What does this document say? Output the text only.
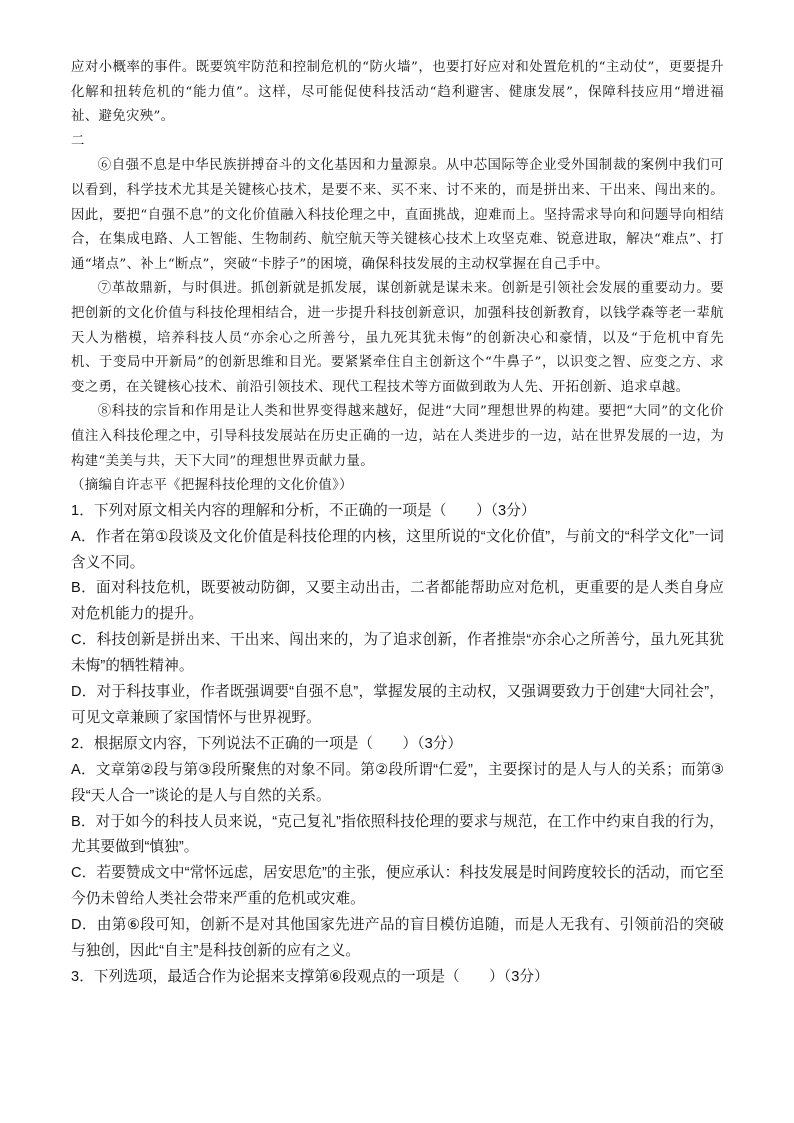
应对小概率的事件。既要筑牢防范和控制危机的“防火墙”，也要打好应对和处置危机的“主动仗”，更要提升化解和扭转危机的“能力值”。这样，尽可能促使科技活动“趋利避害、健康发展”，保障科技应用“增进福祉、避免灾殃”。

二

⑥自强不息是中华民族拼搏奋斗的文化基因和力量源泉。从中芯国际等企业受外国制裁的案例中我们可以看到，科学技术尤其是关键核心技术，是要不来、买不来、讨不来的，而是拼出来、干出来、闯出来的。因此，要把“自强不息”的文化价值融入科技伦理之中，直面挑战，迎难而上。坚持需求导向和问题导向相结合，在集成电路、人工智能、生物制药、航空航天等关键核心技术上攻坚克难、锐意进取，解决“难点”、打通“堵点”、补上“断点”，突破“卡脖子”的困境，确保科技发展的主动权掌握在自己手中。

⑦革故鼎新，与时俱进。抓创新就是抓发展，谋创新就是谋未来。创新是引领社会发展的重要动力。要把创新的文化价值与科技伦理相结合，进一步提升科技创新意识，加强科技创新教育，以钱学森等老一辈航天人为楷模，培养科技人员“亦余心之所善兮，虽九死其犹未悔”的创新决心和豪情，以及“于危机中育先机、于变局中开新局”的创新思维和目光。要紧紧牵住自主创新这个“牛鼻子”，以识变之智、应变之方、求变之勇，在关键核心技术、前沿引领技术、现代工程技术等方面做到敢为人先、开拓创新、追求卓越。

⑧科技的宗旨和作用是让人类和世界变得越来越好，促进“大同”理想世界的构建。要把“大同”的文化价值注入科技伦理之中，引导科技发展站在历史正确的一边，站在人类进步的一边，站在世界发展的一边，为构建“美美与共，天下大同”的理想世界贡献力量。

（摘编自许志平《把握科技伦理的文化价值》）

1．下列对原文相关内容的理解和分析，不正确的一项是（　　）（3分）

A．作者在第①段谈及文化价值是科技伦理的内核，这里所说的“文化价值”，与前文的“科学文化”一词含义不同。

B．面对科技危机，既要被动防御，又要主动出击，二者都能帮助应对危机，更重要的是人类自身应对危机能力的提升。

C．科技创新是拼出来、干出来、闯出来的，为了追求创新，作者推崇“亦余心之所善兮，虽九死其犹未悔”的牺牲精神。

D．对于科技事业，作者既强调要“自强不息”，掌握发展的主动权，又强调要致力于创建“大同社会”，可见文章兼顾了家国情怀与世界视野。

2．根据原文内容，下列说法不正确的一项是（　　）（3分）

A．文章第②段与第③段所聚焦的对象不同。第②段所谓“仁爱”，主要探讨的是人与人的关系；而第③段“天人合一”谈论的是人与自然的关系。

B．对于如今的科技人员来说，“克己复礼”指依照科技伦理的要求与规范，在工作中约束自我的行为，尤其要做到“慎独”。

C．若要赞成文中“常怀远虑，居安思危”的主张，便应承认：科技发展是时间跨度较长的活动，而它至今仍未曾给人类社会带来严重的危机或灾难。

D．由第⑥段可知，创新不是对其他国家先进产品的盲目模仿追随，而是人无我有、引领前沿的突破与独创，因此“自主”是科技创新的应有之义。

3．下列选项，最适合作为论据来支撑第⑥段观点的一项是（　　）（3分）
